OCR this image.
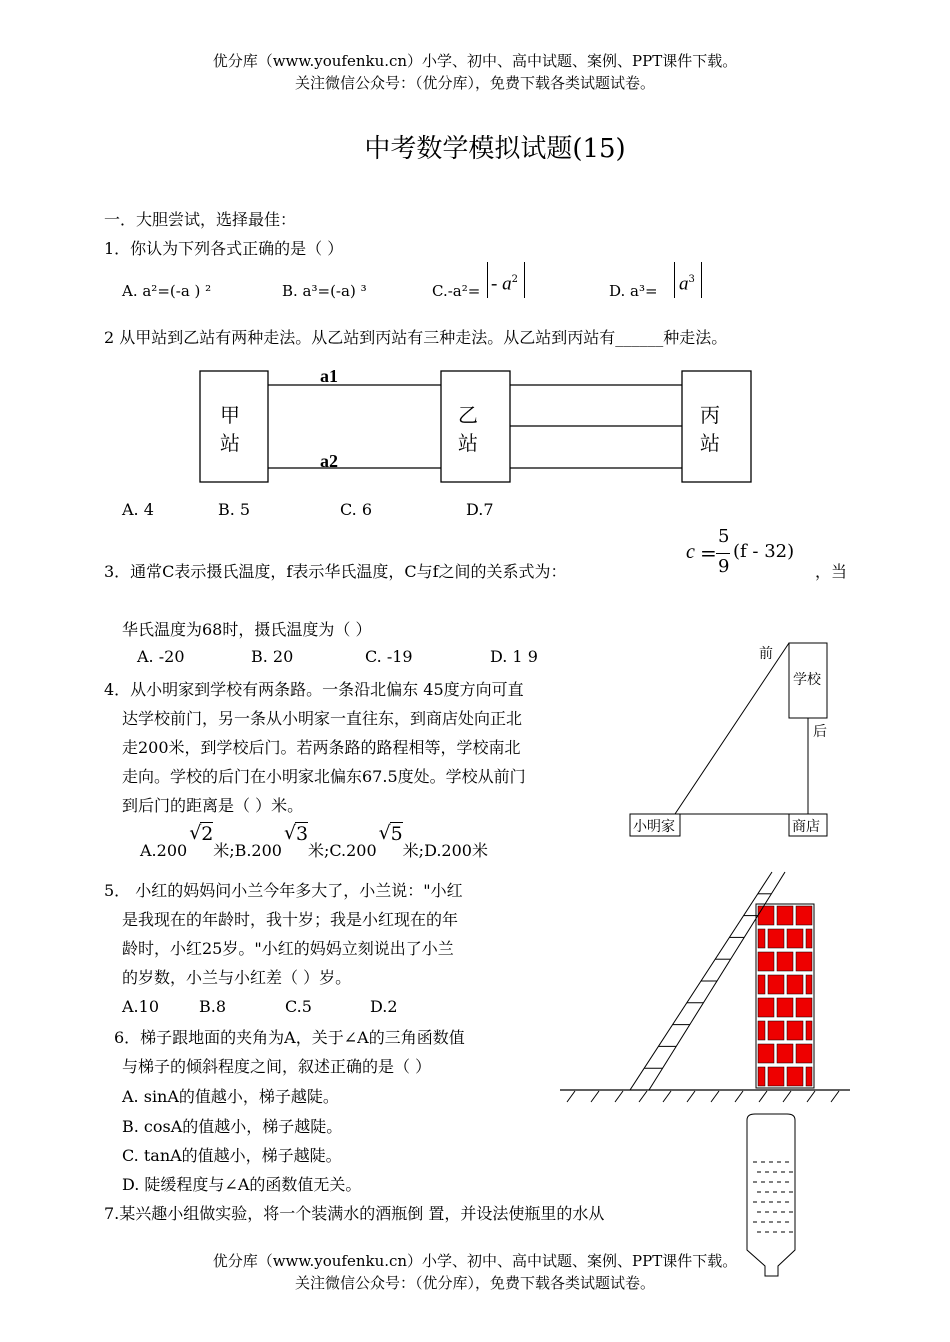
优分库（www.youfenku.cn）小学、初中、高中试题、案例、PPT课件下载。
关注微信公众号：（优分库），免费下载各类试题试卷。
中考数学模拟试题(15)
一．大胆尝试，选择最佳：
1．你认为下列各式正确的是（ ）
A. a²=(-a ) ²	B. a³=(-a) ³	$C.-a^2= - a^2$
D. $a^3= a^3$
2 从甲站到乙站有两种走法。从乙站到丙站有三种走法。从乙站到丙站有______种走法。
甲
站
乙
站
丙
站
a1
a2
A. 4	B. 5	C. 6	D.7
3．通常C表示摄氏温度，f表示华氏温度，C与f之间的关系式为：
c =
5
9
(f - 32)
，当
华氏温度为68时，摄氏温度为（ ）
A. -20	B. 20	C. -19	D. 1 9
4．从小明家到学校有两条路。一条沿北偏东 45度方向可直
达学校前门，另一条从小明家一直往东，到商店处向正北
走200米，到学校后门。若两条路的路程相等，学校南北
走向。学校的后门在小明家北偏东67.5度处。学校从前门
到后门的距离是（ ）米。
A.200
√ 2
米;B.200
√ 3
米;C.200
√ 5
米;D.200米
学校
前
后
小明家	商店
5． 小红的妈妈问小兰今年多大了，小兰说："小红
是我现在的年龄时，我十岁；我是小红现在的年
龄时，小红25岁。"小红的妈妈立刻说出了小兰
的岁数，小兰与小红差（ ）岁。
A.10	B.8	C.5	D.2
6．梯子跟地面的夹角为A，关于∠A的三角函数值
与梯子的倾斜程度之间，叙述正确的是（ ）
A. sinA的值越小，梯子越陡。
B. cosA的值越小，梯子越陡。
C. tanA的值越小，梯子越陡。
D. 陡缓程度与∠A的函数值无关。
7.某兴趣小组做实验，将一个装满水的酒瓶倒 置，并设法使瓶里的水从
优分库（www.youfenku.cn）小学、初中、高中试题、案例、PPT课件下载。
关注微信公众号：（优分库），免费下载各类试题试卷。
